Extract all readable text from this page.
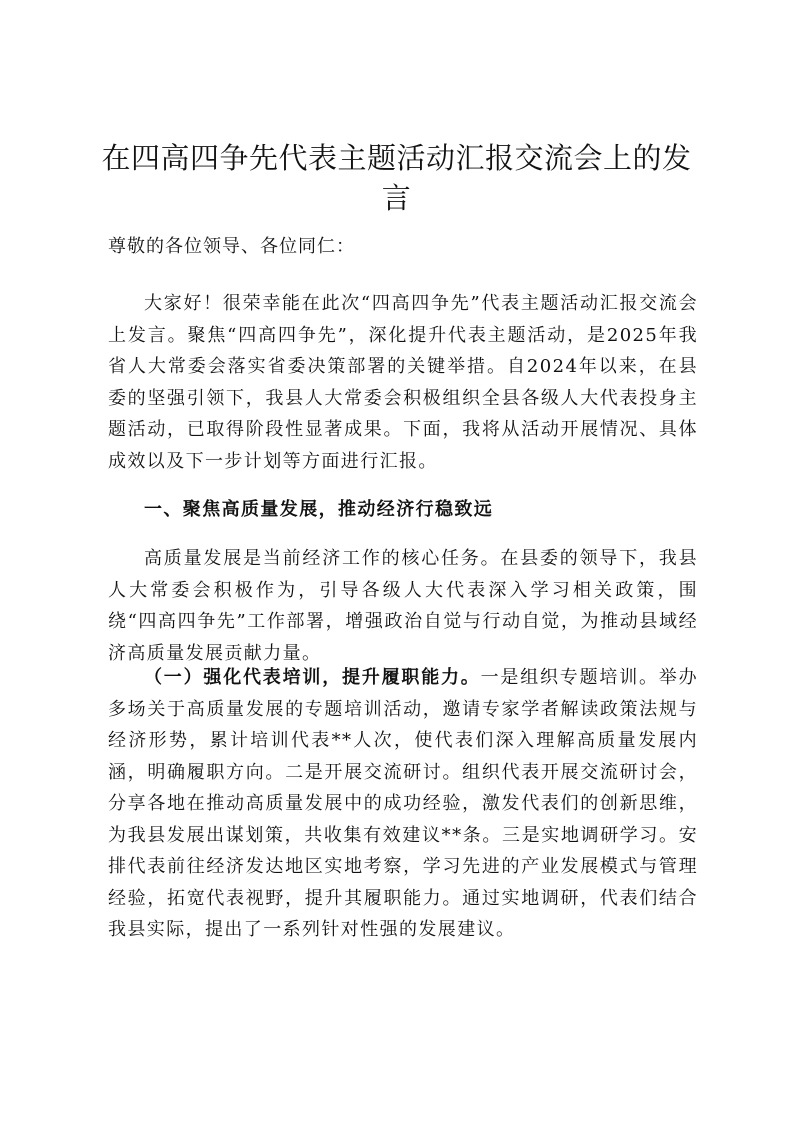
在四高四争先代表主题活动汇报交流会上的发言

尊敬的各位领导、各位同仁：

大家好！很荣幸能在此次“四高四争先”代表主题活动汇报交流会上发言。聚焦“四高四争先”，深化提升代表主题活动，是2025年我省人大常委会落实省委决策部署的关键举措。自2024年以来，在县委的坚强引领下，我县人大常委会积极组织全县各级人大代表投身主题活动，已取得阶段性显著成果。下面，我将从活动开展情况、具体成效以及下一步计划等方面进行汇报。

一、聚焦高质量发展，推动经济行稳致远

高质量发展是当前经济工作的核心任务。在县委的领导下，我县人大常委会积极作为，引导各级人大代表深入学习相关政策，围绕“四高四争先”工作部署，增强政治自觉与行动自觉，为推动县域经济高质量发展贡献力量。

（一）强化代表培训，提升履职能力。一是组织专题培训。举办多场关于高质量发展的专题培训活动，邀请专家学者解读政策法规与经济形势，累计培训代表**人次，使代表们深入理解高质量发展内涵，明确履职方向。二是开展交流研讨。组织代表开展交流研讨会，分享各地在推动高质量发展中的成功经验，激发代表们的创新思维，为我县发展出谋划策，共收集有效建议**条。三是实地调研学习。安排代表前往经济发达地区实地考察，学习先进的产业发展模式与管理经验，拓宽代表视野，提升其履职能力。通过实地调研，代表们结合我县实际，提出了一系列针对性强的发展建议。
